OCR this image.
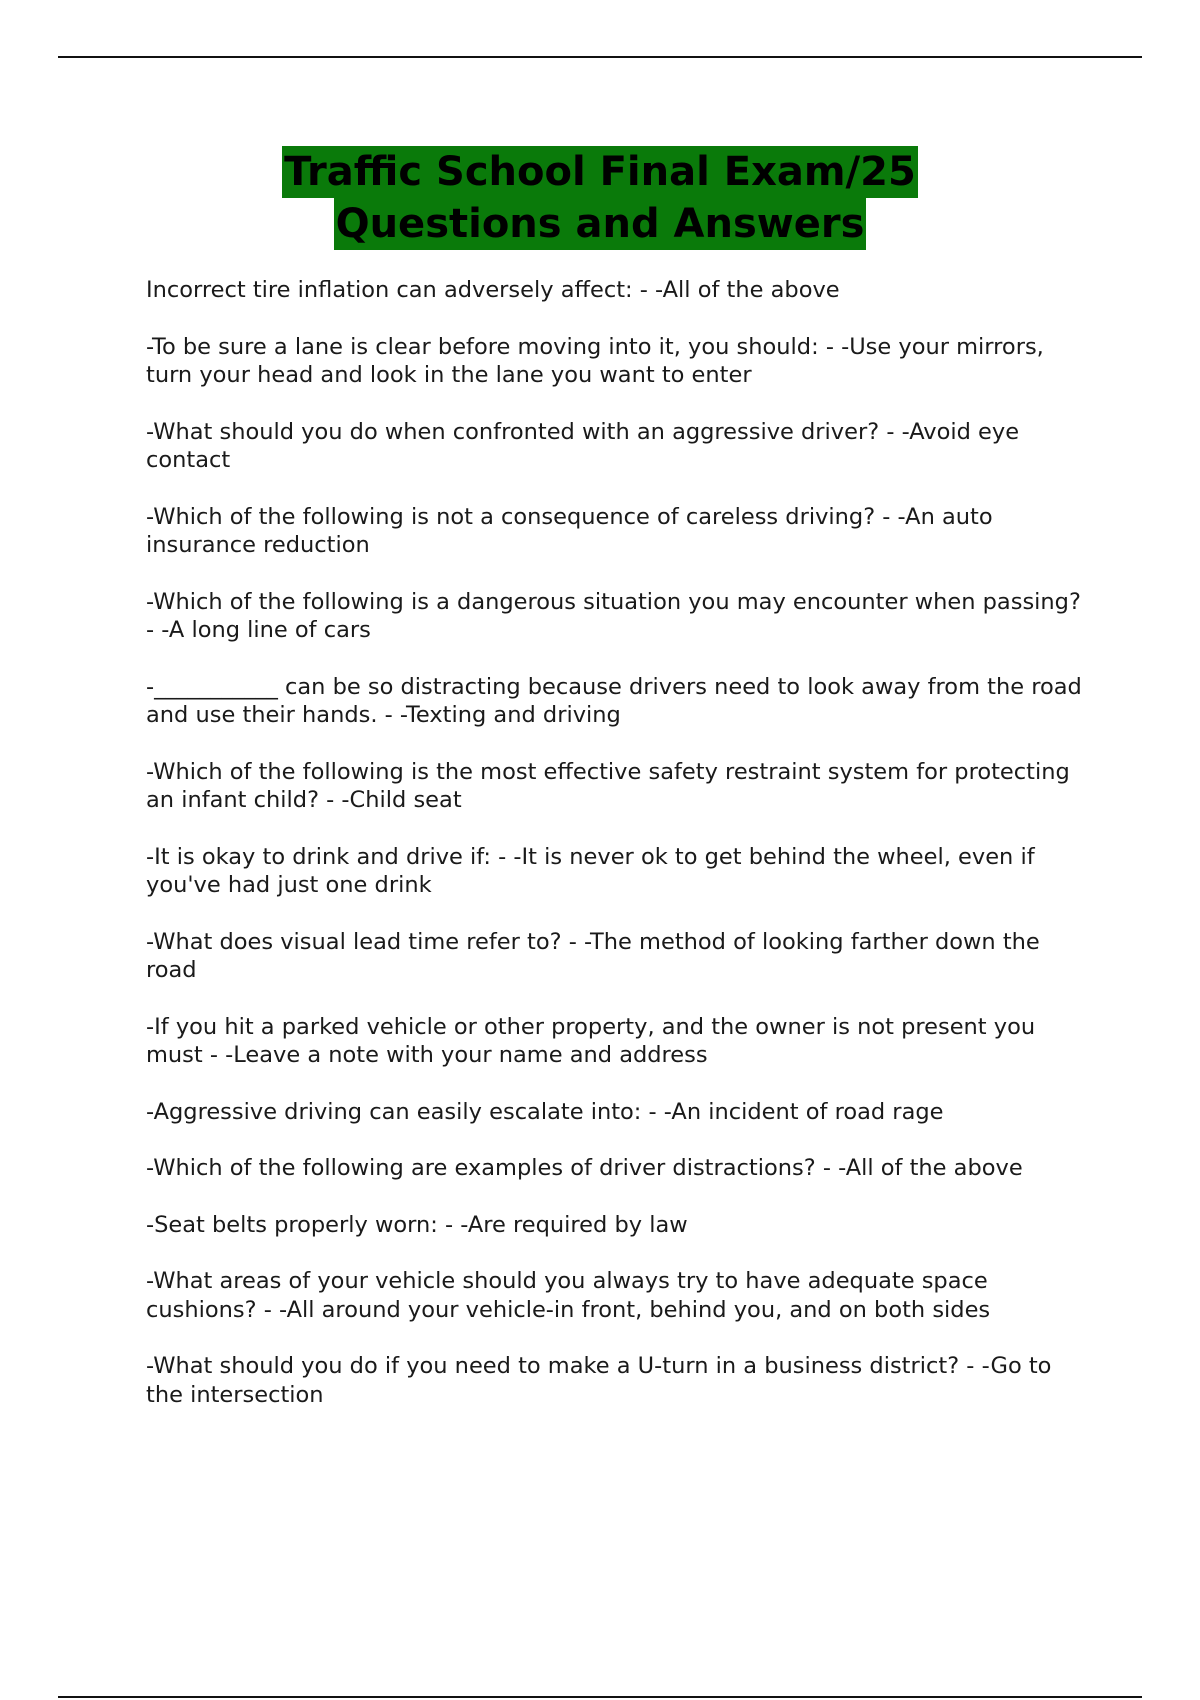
Traffic School Final Exam/25
Questions and Answers
Incorrect tire inflation can adversely affect: - -All of the above
-To be sure a lane is clear before moving into it, you should: - -Use your mirrors, turn your head and look in the lane you want to enter
-What should you do when confronted with an aggressive driver? - -Avoid eye contact
-Which of the following is not a consequence of careless driving? - -An auto insurance reduction
-Which of the following is a dangerous situation you may encounter when passing? - -A long line of cars
-___________ can be so distracting because drivers need to look away from the road and use their hands. - -Texting and driving
-Which of the following is the most effective safety restraint system for protecting an infant child? - -Child seat
-It is okay to drink and drive if: - -It is never ok to get behind the wheel, even if you've had just one drink
-What does visual lead time refer to? - -The method of looking farther down the road
-If you hit a parked vehicle or other property, and the owner is not present you must - -Leave a note with your name and address
-Aggressive driving can easily escalate into: - -An incident of road rage
-Which of the following are examples of driver distractions? - -All of the above
-Seat belts properly worn: - -Are required by law
-What areas of your vehicle should you always try to have adequate space cushions? - -All around your vehicle-in front, behind you, and on both sides
-What should you do if you need to make a U-turn in a business district? - -Go to the intersection
